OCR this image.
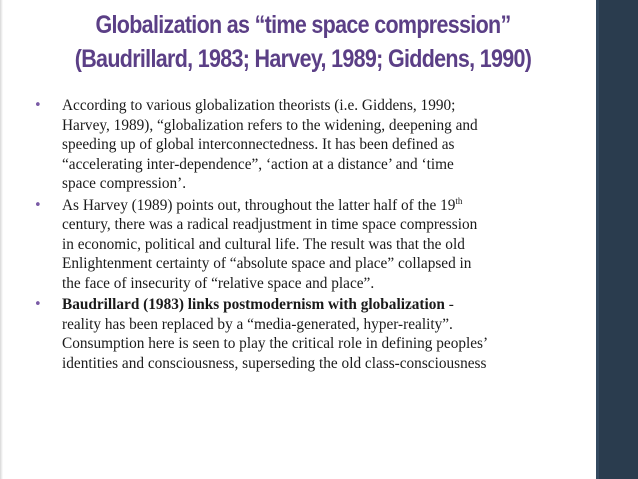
Globalization as “time space compression”
(Baudrillard, 1983; Harvey, 1989; Giddens, 1990)
• According to various globalization theorists (i.e. Giddens, 1990;
Harvey, 1989), “globalization refers to the widening, deepening and
speeding up of global interconnectedness. It has been defined as
“accelerating inter-dependence”, ‘action at a distance’ and ‘time
space compression’.
• As Harvey (1989) points out, throughout the latter half of the 19th
century, there was a radical readjustment in time space compression
in economic, political and cultural life. The result was that the old
Enlightenment certainty of “absolute space and place” collapsed in
the face of insecurity of “relative space and place”.
• Baudrillard (1983) links postmodernism with globalization -
reality has been replaced by a “media-generated, hyper-reality”.
Consumption here is seen to play the critical role in defining peoples’
identities and consciousness, superseding the old class-consciousness
